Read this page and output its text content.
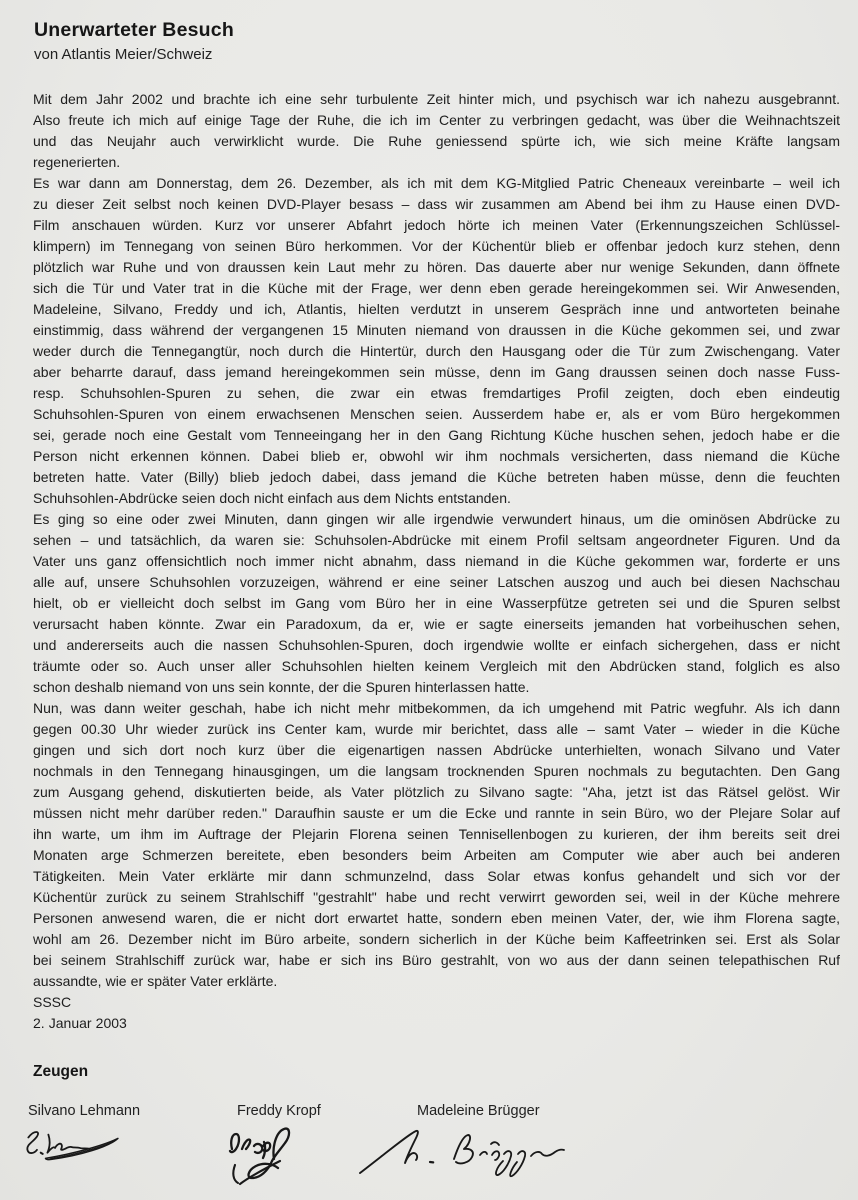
Unerwarteter Besuch
von Atlantis Meier/Schweiz
Mit dem Jahr 2002 und brachte ich eine sehr turbulente Zeit hinter mich, und psychisch war ich nahezu ausgebrannt.
Also freute ich mich auf einige Tage der Ruhe, die ich im Center zu verbringen gedacht, was über die Weihnachtszeit
und das Neujahr auch verwirklicht wurde. Die Ruhe geniessend spürte ich, wie sich meine Kräfte langsam
regenerierten.
Es war dann am Donnerstag, dem 26. Dezember, als ich mit dem KG-Mitglied Patric Cheneaux vereinbarte – weil ich
zu dieser Zeit selbst noch keinen DVD-Player besass – dass wir zusammen am Abend bei ihm zu Hause einen DVD-
Film anschauen würden. Kurz vor unserer Abfahrt jedoch hörte ich meinen Vater (Erkennungszeichen Schlüssel-
klimpern) im Tennegang von seinen Büro herkommen. Vor der Küchentür blieb er offenbar jedoch kurz stehen, denn
plötzlich war Ruhe und von draussen kein Laut mehr zu hören. Das dauerte aber nur wenige Sekunden, dann öffnete
sich die Tür und Vater trat in die Küche mit der Frage, wer denn eben gerade hereingekommen sei. Wir Anwesenden,
Madeleine, Silvano, Freddy und ich, Atlantis, hielten verdutzt in unserem Gespräch inne und antworteten beinahe
einstimmig, dass während der vergangenen 15 Minuten niemand von draussen in die Küche gekommen sei, und zwar
weder durch die Tennegangtür, noch durch die Hintertür, durch den Hausgang oder die Tür zum Zwischengang. Vater
aber beharrte darauf, dass jemand hereingekommen sein müsse, denn im Gang draussen seinen doch nasse Fuss-
resp. Schuhsohlen-Spuren zu sehen, die zwar ein etwas fremdartiges Profil zeigten, doch eben eindeutig
Schuhsohlen-Spuren von einem erwachsenen Menschen seien. Ausserdem habe er, als er vom Büro hergekommen
sei, gerade noch eine Gestalt vom Tenneeingang her in den Gang Richtung Küche huschen sehen, jedoch habe er die
Person nicht erkennen können. Dabei blieb er, obwohl wir ihm nochmals versicherten, dass niemand die Küche
betreten hatte. Vater (Billy) blieb jedoch dabei, dass jemand die Küche betreten haben müsse, denn die feuchten
Schuhsohlen-Abdrücke seien doch nicht einfach aus dem Nichts entstanden.
Es ging so eine oder zwei Minuten, dann gingen wir alle irgendwie verwundert hinaus, um die ominösen Abdrücke zu
sehen – und tatsächlich, da waren sie: Schuhsolen-Abdrücke mit einem Profil seltsam angeordneter Figuren. Und da
Vater uns ganz offensichtlich noch immer nicht abnahm, dass niemand in die Küche gekommen war, forderte er uns
alle auf, unsere Schuhsohlen vorzuzeigen, während er eine seiner Latschen auszog und auch bei diesen Nachschau
hielt, ob er vielleicht doch selbst im Gang vom Büro her in eine Wasserpfütze getreten sei und die Spuren selbst
verursacht haben könnte. Zwar ein Paradoxum, da er, wie er sagte einerseits jemanden hat vorbeihuschen sehen,
und andererseits auch die nassen Schuhsohlen-Spuren, doch irgendwie wollte er einfach sichergehen, dass er nicht
träumte oder so. Auch unser aller Schuhsohlen hielten keinem Vergleich mit den Abdrücken stand, folglich es also
schon deshalb niemand von uns sein konnte, der die Spuren hinterlassen hatte.
Nun, was dann weiter geschah, habe ich nicht mehr mitbekommen, da ich umgehend mit Patric wegfuhr. Als ich dann
gegen 00.30 Uhr wieder zurück ins Center kam, wurde mir berichtet, dass alle – samt Vater – wieder in die Küche
gingen und sich dort noch kurz über die eigenartigen nassen Abdrücke unterhielten, wonach Silvano und Vater
nochmals in den Tennegang hinausgingen, um die langsam trocknenden Spuren nochmals zu begutachten. Den Gang
zum Ausgang gehend, diskutierten beide, als Vater plötzlich zu Silvano sagte: "Aha, jetzt ist das Rätsel gelöst. Wir
müssen nicht mehr darüber reden." Daraufhin sauste er um die Ecke und rannte in sein Büro, wo der Plejare Solar auf
ihn warte, um ihm im Auftrage der Plejarin Florena seinen Tennisellenbogen zu kurieren, der ihm bereits seit drei
Monaten arge Schmerzen bereitete, eben besonders beim Arbeiten am Computer wie aber auch bei anderen
Tätigkeiten. Mein Vater erklärte mir dann schmunzelnd, dass Solar etwas konfus gehandelt und sich vor der
Küchentür zurück zu seinem Strahlschiff "gestrahlt" habe und recht verwirrt geworden sei, weil in der Küche mehrere
Personen anwesend waren, die er nicht dort erwartet hatte, sondern eben meinen Vater, der, wie ihm Florena sagte,
wohl am 26. Dezember nicht im Büro arbeite, sondern sicherlich in der Küche beim Kaffeetrinken sei. Erst als Solar
bei seinem Strahlschiff zurück war, habe er sich ins Büro gestrahlt, von wo aus der dann seinen telepathischen Ruf
aussandte, wie er später Vater erklärte.
SSSC
2. Januar 2003
Zeugen
Silvano Lehmann	Freddy Kropf	Madeleine Brügger
